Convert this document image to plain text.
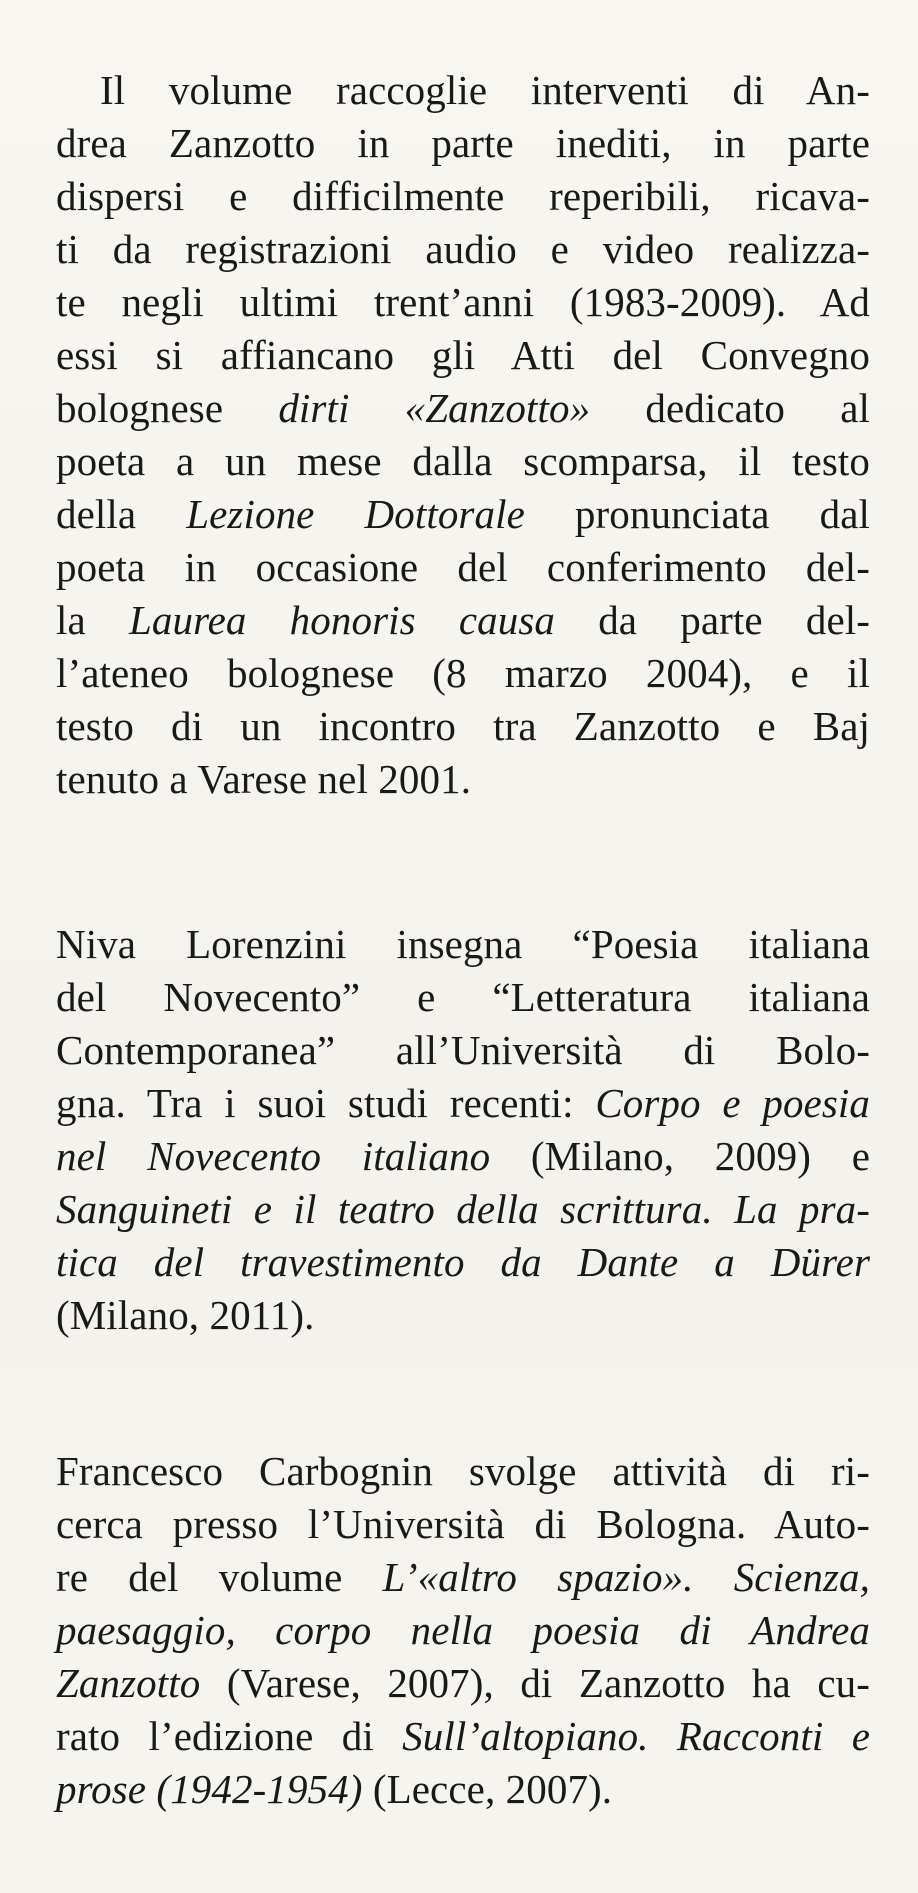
Il volume raccoglie interventi di An-
drea Zanzotto in parte inediti, in parte
dispersi e difficilmente reperibili, ricava-
ti da registrazioni audio e video realizza-
te negli ultimi trent’anni (1983-2009). Ad
essi si affiancano gli Atti del Convegno
bolognese dirti «Zanzotto» dedicato al
poeta a un mese dalla scomparsa, il testo
della Lezione Dottorale pronunciata dal
poeta in occasione del conferimento del-
la Laurea honoris causa da parte del-
l’ateneo bolognese (8 marzo 2004), e il
testo di un incontro tra Zanzotto e Baj
tenuto a Varese nel 2001.
Niva Lorenzini insegna “Poesia italiana
del Novecento” e “Letteratura italiana
Contemporanea” all’Università di Bolo-
gna. Tra i suoi studi recenti: Corpo e poesia
nel Novecento italiano (Milano, 2009) e
Sanguineti e il teatro della scrittura. La pra-
tica del travestimento da Dante a Dürer
(Milano, 2011).
Francesco Carbognin svolge attività di ri-
cerca presso l’Università di Bologna. Auto-
re del volume L’«altro spazio». Scienza,
paesaggio, corpo nella poesia di Andrea
Zanzotto (Varese, 2007), di Zanzotto ha cu-
rato l’edizione di Sull’altopiano. Racconti e
prose (1942-1954) (Lecce, 2007).
